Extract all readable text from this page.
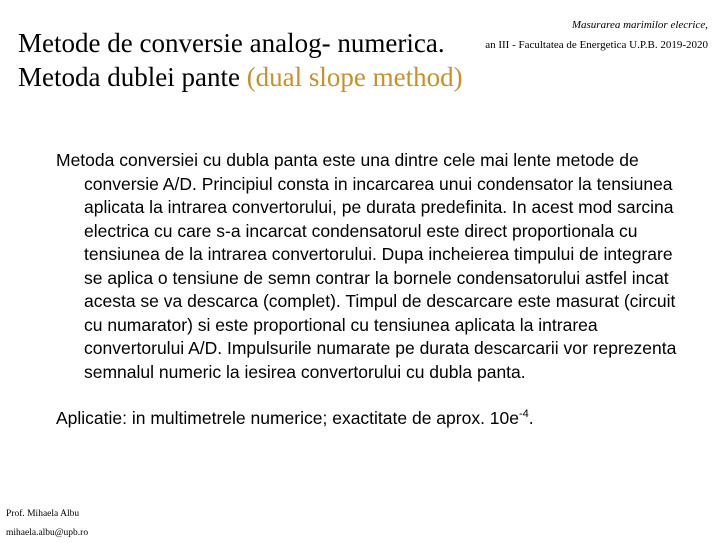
Masurarea marimilor elecrice,
an III - Facultatea de Energetica U.P.B. 2019-2020
Metode de conversie analog- numerica.
Metoda dublei pante (dual slope method)

Metoda conversiei cu dubla panta este una dintre cele mai lente metode de conversie A/D. Principiul consta in incarcarea unui condensator la tensiunea aplicata la intrarea convertorului, pe durata predefinita. In acest mod sarcina electrica cu care s-a incarcat condensatorul este direct proportionala cu tensiunea de la intrarea convertorului. Dupa incheierea timpului de integrare se aplica o tensiune de semn contrar la bornele condensatorului astfel incat acesta se va descarca (complet). Timpul de descarcare este masurat (circuit cu numarator) si este proportional cu tensiunea aplicata la intrarea convertorului A/D. Impulsurile numarate pe durata descarcarii vor reprezenta semnalul numeric la iesirea convertorului cu dubla panta.

Aplicatie: in multimetrele numerice; exactitate de aprox. $10e^{-4}$.

Prof. Mihaela Albu
mihaela.albu@upb.ro
